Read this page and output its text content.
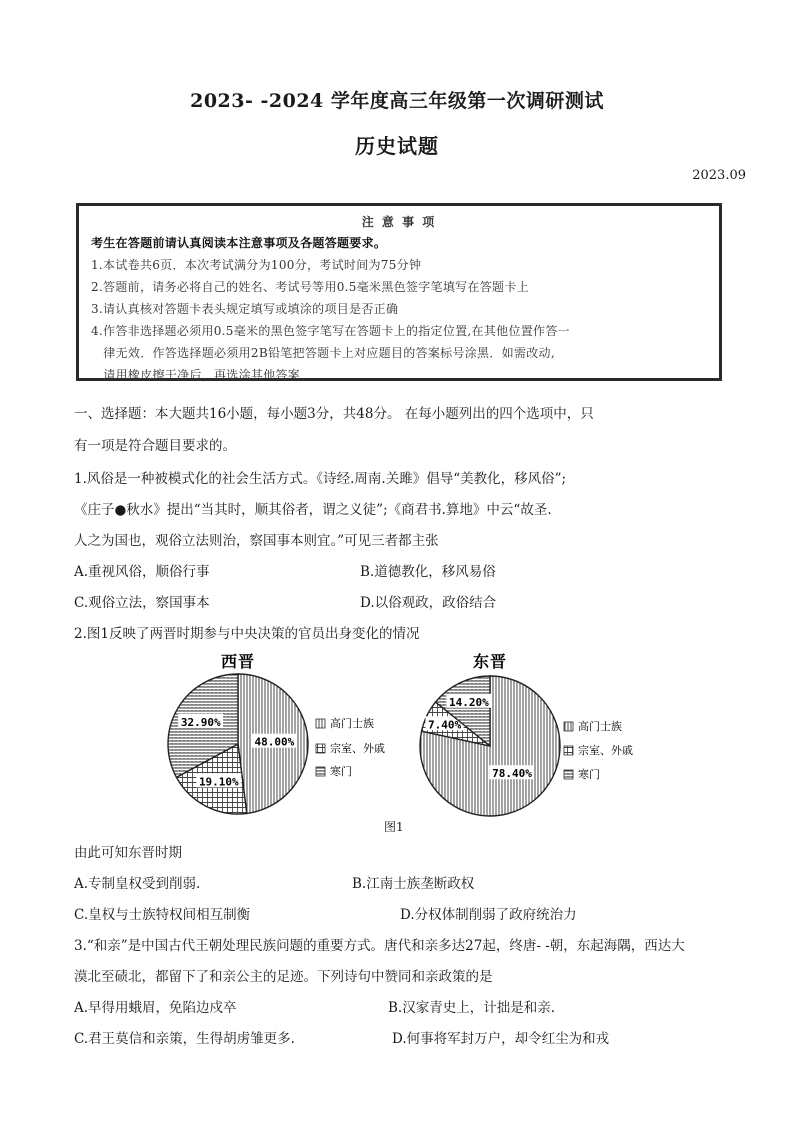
2023- -2024 学年度高三年级第一次调研测试
历史试题
2023.09
注 意 事 项
考生在答题前请认真阅读本注意事项及各题答题要求。
1.本试卷共6页．本次考试满分为100分，考试时间为75分钟
2.答题前，请务必将自己的姓名、考试号等用0.5毫米黑色签字笔填写在答题卡上
3.请认真核对答题卡表头规定填写或填涂的项目是否正确
4.作答非选择题必须用0.5毫米的黑色签字笔写在答题卡上的指定位置,在其他位置作答一
　律无效．作答选择题必须用2B铅笔把答题卡上对应题目的答案标号涂黑．如需改动,
　请用橡皮擦干净后，再选涂其他答案
一、选择题：本大题共16小题，每小题3分，共48分。 在每小题列出的四个选项中，只
有一项是符合题目要求的。
1.风俗是一种被模式化的社会生活方式。《诗经.周南.关雎》倡导“美教化，移风俗”;
《庄子●秋水》提出“当其时，顺其俗者，谓之义徒”;《商君书.算地》中云“故圣.
人之为国也，观俗立法则治，察国事本则宜。”可见三者都主张
A.重视风俗，顺俗行事	B.道德教化，移风易俗
C.观俗立法，察国事本	D.以俗观政，政俗结合
2.图1反映了两晋时期参与中央决策的官员出身变化的情况
西晋
48.00%
19.10%
32.90%	高门士族
宗室、外戚
寒门
东晋
78.40%
7.40%
14.20%
高门士族
宗室、外戚
寒门
图1
由此可知东晋时期
A.专制皇权受到削弱.	B.江南士族垄断政权
C.皇权与士族特权间相互制衡	D.分权体制削弱了政府统治力
3.“和亲”是中国古代王朝处理民族问题的重要方式。唐代和亲多达27起，终唐- -朝，东起海隅，西达大
漠北至碛北，都留下了和亲公主的足迹。下列诗句中赞同和亲政策的是
A.早得用蛾眉，免陷边戍卒	B.汉家青史上，计拙是和亲.
C.君王莫信和亲策，生得胡虏雏更多.	D.何事将军封万户，却令红尘为和戎
